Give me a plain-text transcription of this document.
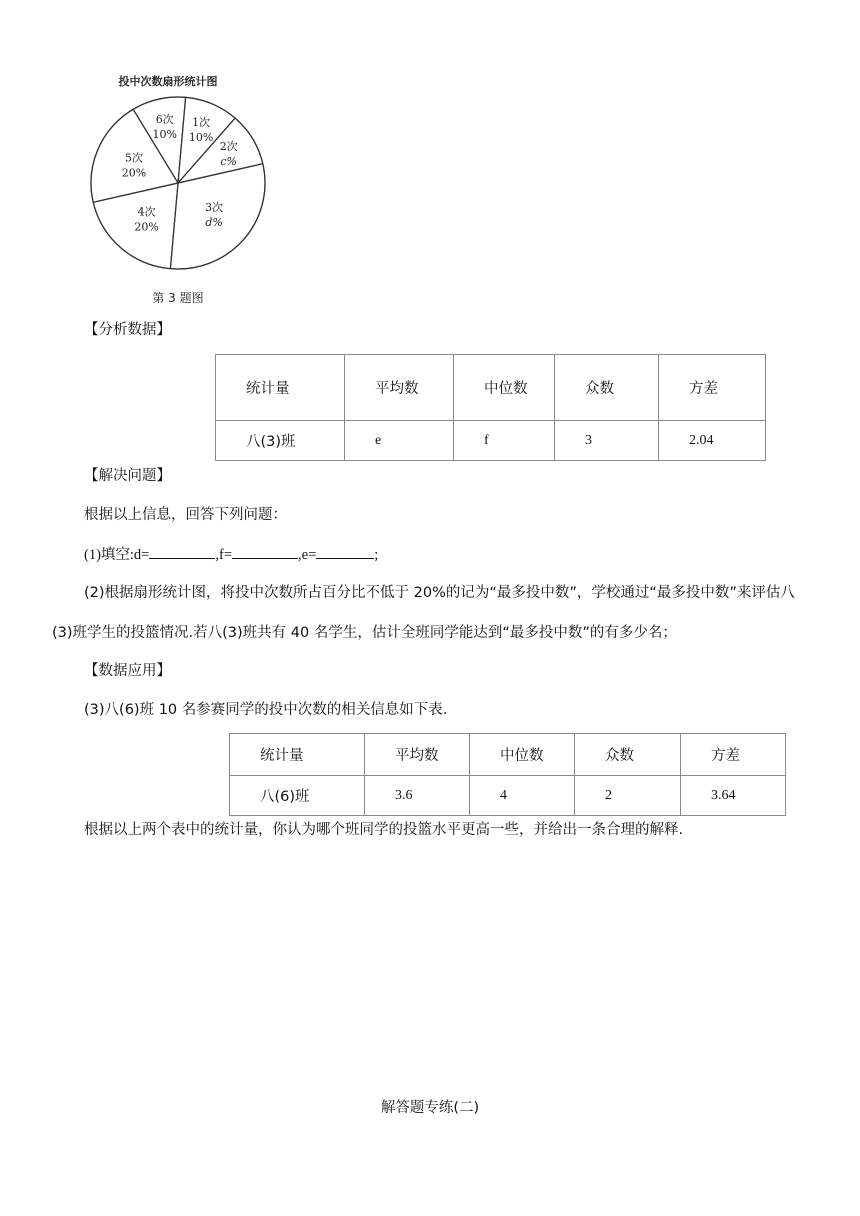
投中次数扇形统计图
1次
10%
2次
c%
3次
d%
4次
20%
5次
20%
6次
10%
第 3 题图
【分析数据】
统计量	平均数	中位数	众数	方差
八(3)班	e	f	3	2.04
【解决问题】
根据以上信息，回答下列问题：
(1)填空:d=	,f=	,e=	;
(2)根据扇形统计图，将投中次数所占百分比不低于 20%的记为“最多投中数”，学校通过“最多投中数”来评估八
(3)班学生的投篮情况.若八(3)班共有 40 名学生，估计全班同学能达到“最多投中数”的有多少名；
【数据应用】
(3)八(6)班 10 名参赛同学的投中次数的相关信息如下表.
统计量	平均数	中位数	众数	方差
八(6)班	3.6	4	2	3.64
根据以上两个表中的统计量，你认为哪个班同学的投篮水平更高一些，并给出一条合理的解释.
解答题专练(二)
